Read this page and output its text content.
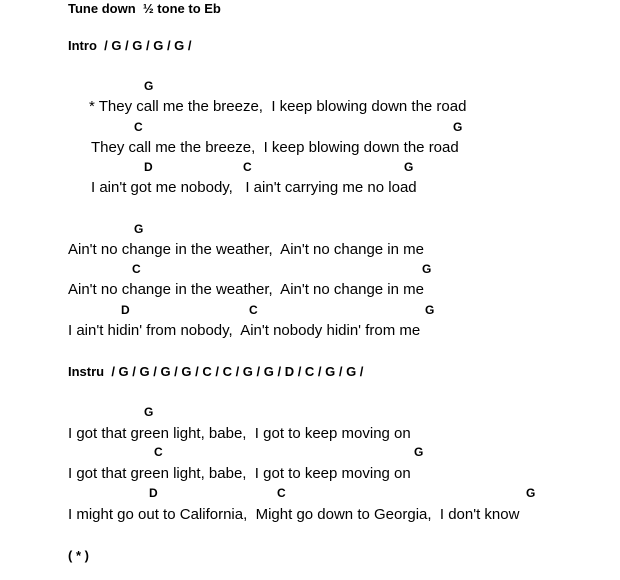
Tune down  ½ tone to Eb
Intro  / G / G / G / G /
G
* They call me the breeze,  I keep blowing down the road
C	G
They call me the breeze,  I keep blowing down the road
D	C	G
I ain't got me nobody,   I ain't carrying me no load
G
Ain't no change in the weather,  Ain't no change in me
C	G
Ain't no change in the weather,  Ain't no change in me
D	C	G
I ain't hidin' from nobody,  Ain't nobody hidin' from me
Instru  / G / G / G / G / C / C / G / G / D / C / G / G /
G
I got that green light, babe,  I got to keep moving on
C	G
I got that green light, babe,  I got to keep moving on
D	C	G
I might go out to California,  Might go down to Georgia,  I don't know
( * )
